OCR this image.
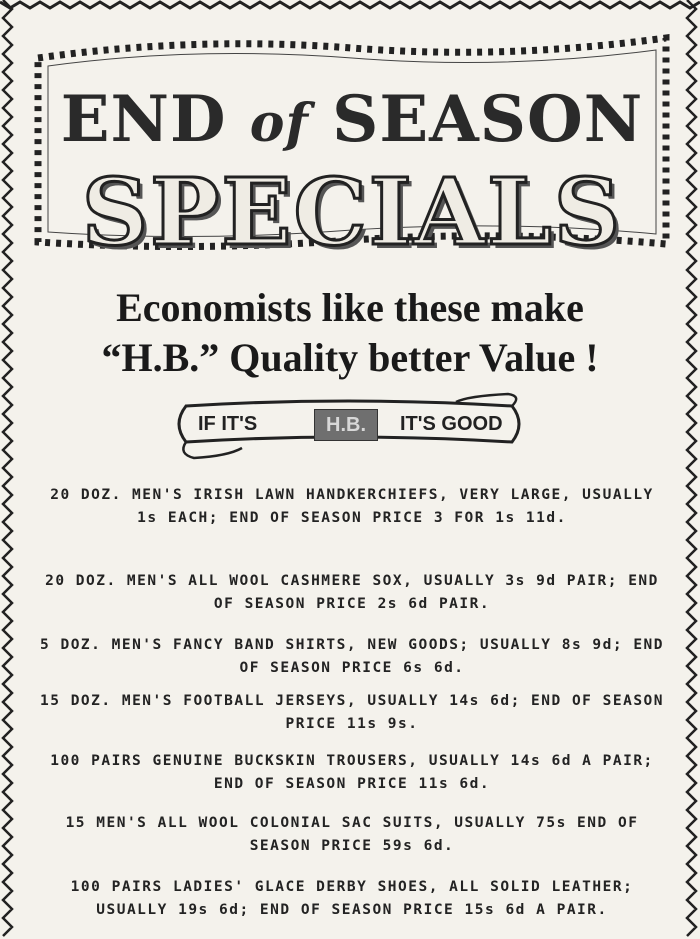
END of SEASON
SPECIALS
Economists like these make
“H.B.” Quality better Value !
IF IT'S	H.B.	IT'S GOOD

20 DOZ. MEN'S IRISH LAWN HANDKERCHIEFS, VERY LARGE, USUALLY 1s EACH; END OF SEASON PRICE 3 FOR 1s 11d.

20 DOZ. MEN'S ALL WOOL CASHMERE SOX, USUALLY 3s 9d PAIR; END OF SEASON PRICE 2s 6d PAIR.

5 DOZ. MEN'S FANCY BAND SHIRTS, NEW GOODS; USUALLY 8s 9d; END OF SEASON PRICE 6s 6d.

15 DOZ. MEN'S FOOTBALL JERSEYS, USUALLY 14s 6d; END OF SEASON PRICE 11s 9s.

100 PAIRS GENUINE BUCKSKIN TROUSERS, USUALLY 14s 6d A PAIR; END OF SEASON PRICE 11s 6d.

15 MEN'S ALL WOOL COLONIAL SAC SUITS, USUALLY 75s END OF SEASON PRICE 59s 6d.

100 PAIRS LADIES' GLACE DERBY SHOES, ALL SOLID LEATHER; USUALLY 19s 6d; END OF SEASON PRICE 15s 6d A PAIR.
